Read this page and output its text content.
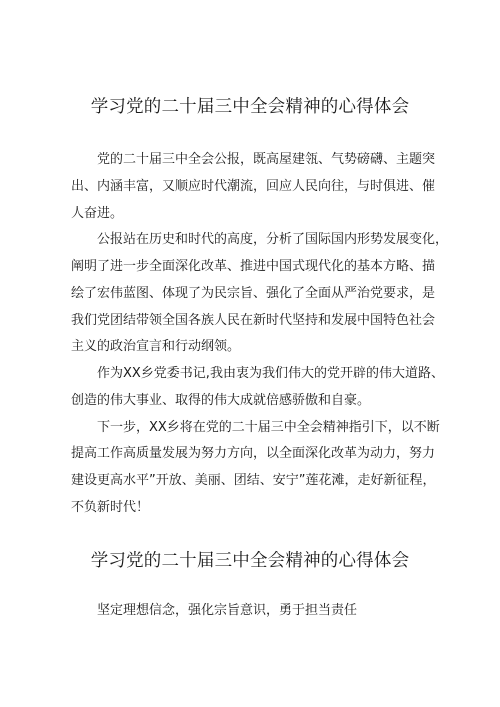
学习党的二十届三中全会精神的心得体会

　　党的二十届三中全会公报，既高屋建瓴、气势磅礴、主题突

出、内涵丰富，又顺应时代潮流，回应人民向往，与时俱进、催

人奋进。

　　公报站在历史和时代的高度，分析了国际国内形势发展变化，

阐明了进一步全面深化改革、推进中国式现代化的基本方略、描

绘了宏伟蓝图、体现了为民宗旨、强化了全面从严治党要求，是

我们党团结带领全国各族人民在新时代坚持和发展中国特色社会

主义的政治宣言和行动纲领。

　　作为XX乡党委书记,我由衷为我们伟大的党开辟的伟大道路、

创造的伟大事业、取得的伟大成就倍感骄傲和自豪。

　　下一步，XX乡将在党的二十届三中全会精神指引下，以不断

提高工作高质量发展为努力方向，以全面深化改革为动力，努力

建设更高水平”开放、美丽、团结、安宁”莲花滩，走好新征程，

不负新时代！

学习党的二十届三中全会精神的心得体会

坚定理想信念，强化宗旨意识，勇于担当责任
